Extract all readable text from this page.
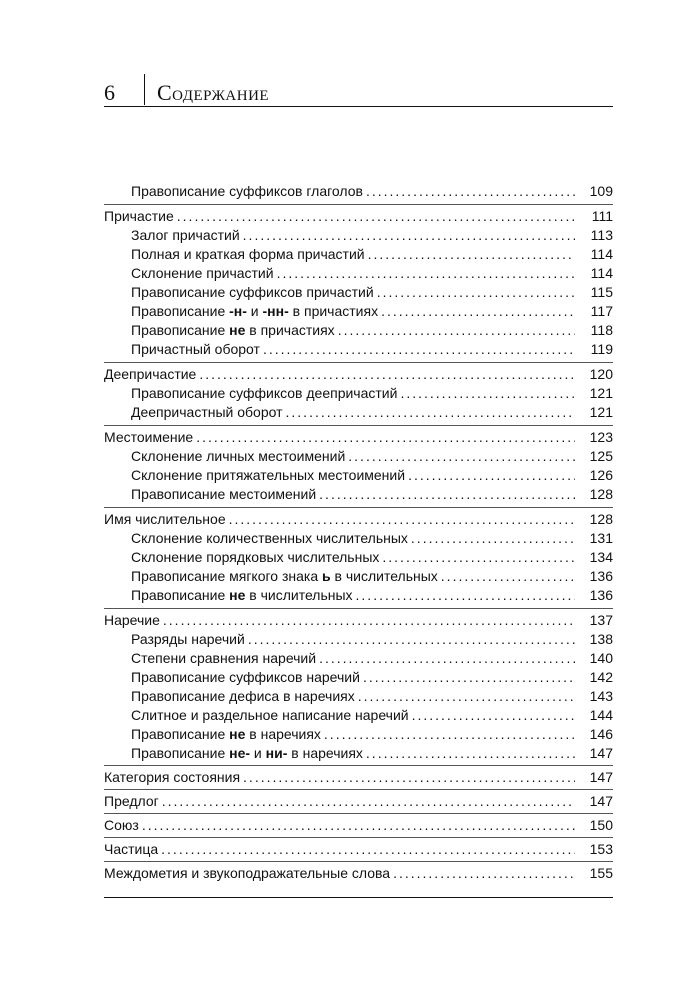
6 Содержание
Правописание суффиксов глаголов .....	109
Причастие .....	111
Залог причастий .....	113
Полная и краткая форма причастий .....	114
Склонение причастий .....	114
Правописание суффиксов причастий .....	115
Правописание -н- и -нн- в причастиях .....	117
Правописание не в причастиях .....	118
Причастный оборот .....	119
Деепричастие .....	120
Правописание суффиксов деепричастий .....	121
Деепричастный оборот .....	121
Местоимение .....	123
Склонение личных местоимений .....	125
Склонение притяжательных местоимений .....	126
Правописание местоимений .....	128
Имя числительное .....	128
Склонение количественных числительных .....	131
Склонение порядковых числительных .....	134
Правописание мягкого знака ь в числительных .....	136
Правописание не в числительных .....	136
Наречие .....	137
Разряды наречий .....	138
Степени сравнения наречий .....	140
Правописание суффиксов наречий .....	142
Правописание дефиса в наречиях .....	143
Слитное и раздельное написание наречий .....	144
Правописание не в наречиях .....	146
Правописание не- и ни- в наречиях .....	147
Категория состояния .....	147
Предлог .....	147
Союз .....	150
Частица .....	153
Междометия и звукоподражательные слова .....	155
